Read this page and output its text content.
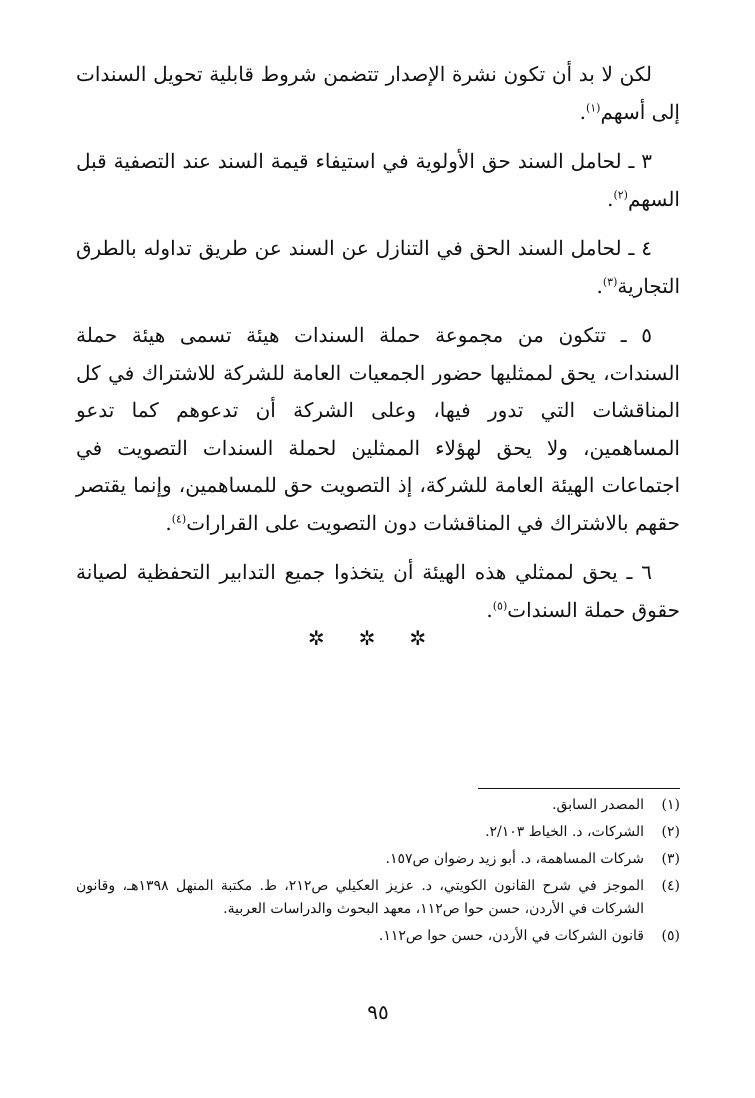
لكن لا بد أن تكون نشرة الإصدار تتضمن شروط قابلية تحويل السندات إلى أسهم$^{(١)}$.

٣ ـ لحامل السند حق الأولوية في استيفاء قيمة السند عند التصفية قبل السهم$^{(٢)}$.

٤ ـ لحامل السند الحق في التنازل عن السند عن طريق تداوله بالطرق التجارية$^{(٣)}$.

٥ ـ تتكون من مجموعة حملة السندات هيئة تسمى هيئة حملة السندات، يحق لممثليها حضور الجمعيات العامة للشركة للاشتراك في كل المناقشات التي تدور فيها، وعلى الشركة أن تدعوهم كما تدعو المساهمين، ولا يحق لهؤلاء الممثلين لحملة السندات التصويت في اجتماعات الهيئة العامة للشركة، إذ التصويت حق للمساهمين، وإنما يقتصر حقهم بالاشتراك في المناقشات دون التصويت على القرارات$^{(٤)}$.

٦ ـ يحق لممثلي هذه الهيئة أن يتخذوا جميع التدابير التحفظية لصيانة حقوق حملة السندات$^{(٥)}$.

✲ ✲ ✲
(١)
المصدر السابق.
(٢)
الشركات، د. الخياط ٢/١٠٣.
(٣)
شركات المساهمة، د. أبو زيد رضوان ص١٥٧.
(٤)
الموجز في شرح القانون الكويتي، د. عزيز العكيلي ص٢١٢، ط. مكتبة المنهل ١٣٩٨هـ، وقانون الشركات في الأردن، حسن حوا ص١١٢، معهد البحوث والدراسات العربية.
(٥)
قانون الشركات في الأردن، حسن حوا ص١١٢.
٩٥
